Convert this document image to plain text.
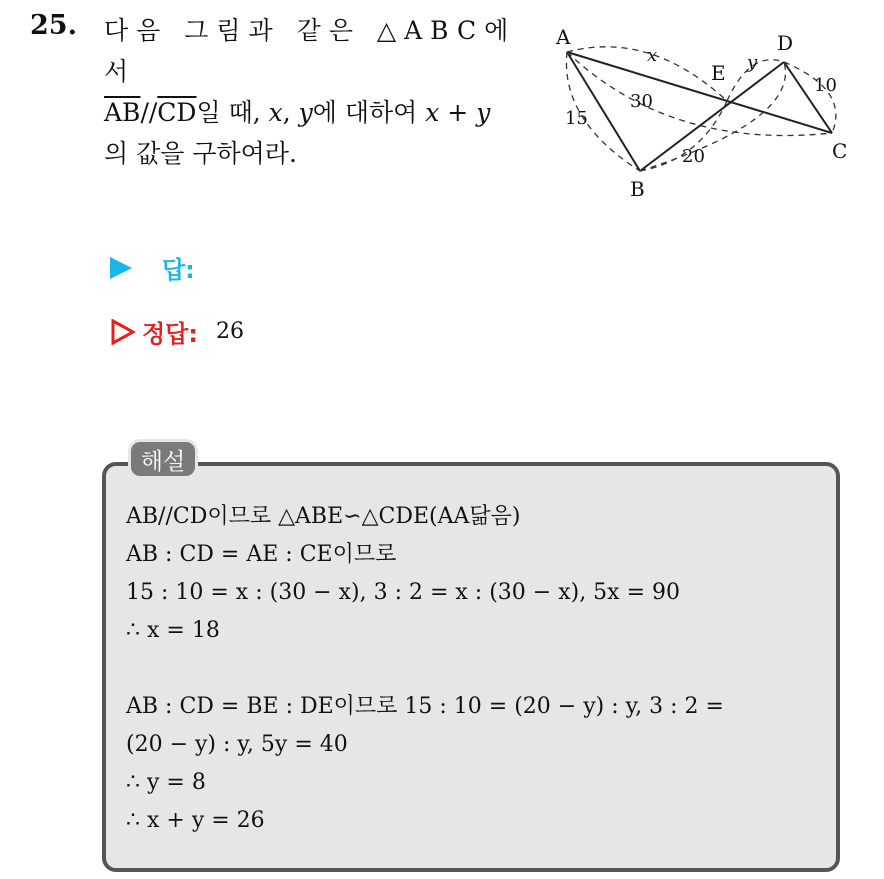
25. 다음 그림과 같은 △ABC에서
$\overline{AB}//\overline{CD}$일 때, x, y에 대하여 x + y
의 값을 구하여라.
A
B
C
D
E
x	y
15
30
20
10
답:
정답: 26
해설
AB//CD이므로 △ABE∽△CDE(AA닮음)
AB : CD = AE : CE이므로
15 : 10 = x : (30 − x), 3 : 2 = x : (30 − x), 5x = 90
∴ x = 18
AB : CD = BE : DE이므로 15 : 10 = (20 − y) : y, 3 : 2 =
(20 − y) : y, 5y = 40
∴ y = 8
∴ x + y = 26
